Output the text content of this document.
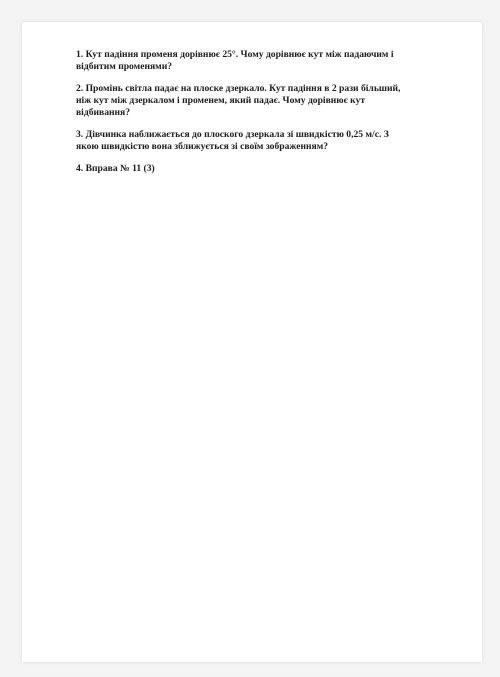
1. Кут падіння променя дорівнює 25°. Чому дорівнює кут між падаючим і
відбитим променями?

2. Промінь світла падає на плоске дзеркало. Кут падіння в 2 рази більший,
ніж кут між дзеркалом і променем, який падає. Чому дорівнює кут
відбивання?

3. Дівчинка наближається до плоского дзеркала зі швидкістю 0,25 м/с. З
якою швидкістю вона зближується зі своїм зображенням?

4. Вправа № 11 (3)
